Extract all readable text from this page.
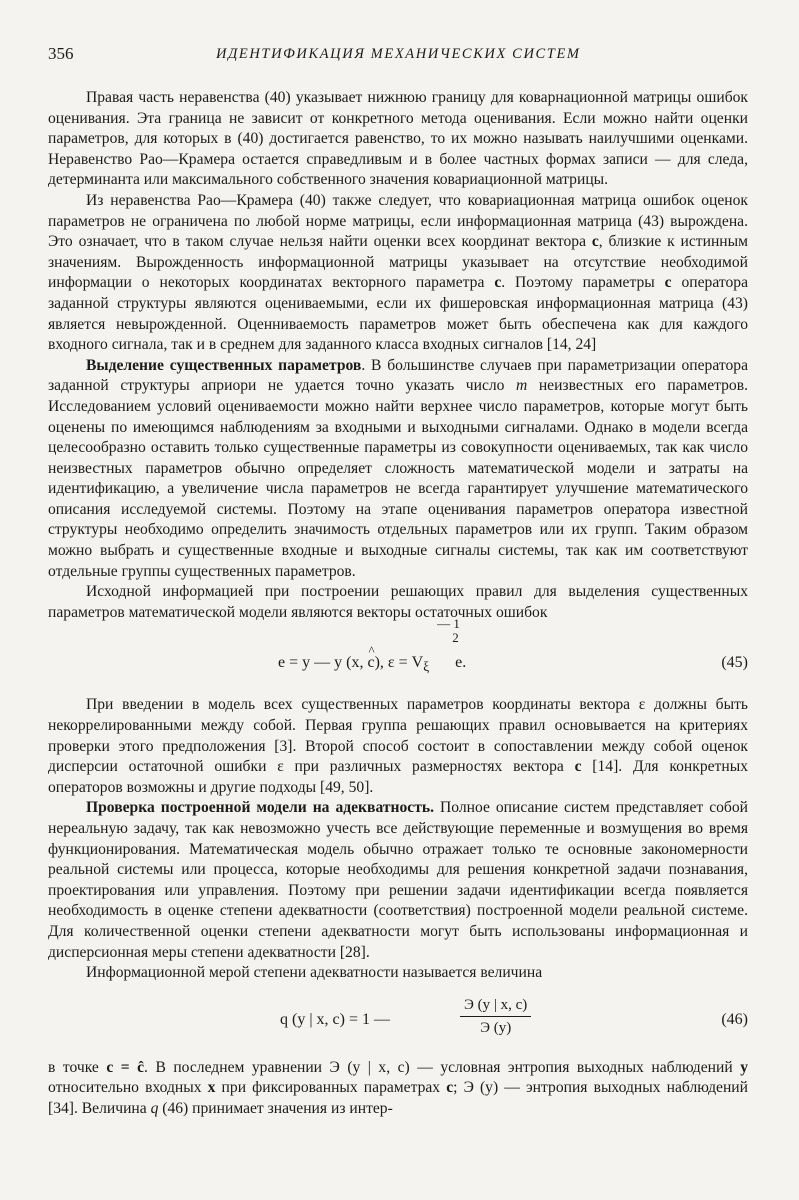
356	ИДЕНТИФИКАЦИЯ МЕХАНИЧЕСКИХ СИСТЕМ

Правая часть неравенства (40) указывает нижнюю границу для коварнационной матрицы ошибок оценивания. Эта граница не зависит от конкретного метода оценивания. Если можно найти оценки параметров, для которых в (40) достигается равенство, то их можно называть наилучшими оценками. Неравенство Рао—Крамера остается справедливым и в более частных формах записи — для следа, детерминанта или максимального собственного значения ковариационной матрицы.

Из неравенства Рао—Крамера (40) также следует, что ковариационная матрица ошибок оценок параметров не ограничена по любой норме матрицы, если информационная матрица (43) вырождена. Это означает, что в таком случае нельзя найти оценки всех координат вектора c, близкие к истинным значениям. Вырожденность информационной матрицы указывает на отсутствие необходимой информации о некоторых координатах векторного параметра c. Поэтому параметры c оператора заданной структуры являются оцениваемыми, если их фишеровская информационная матрица (43) является невырожденной. Оценниваемость параметров может быть обеспечена как для каждого входного сигнала, так и в среднем для заданного класса входных сигналов [14, 24]

Выделение существенных параметров. В большинстве случаев при параметризации оператора заданной структуры априори не удается точно указать число m неизвестных его параметров. Исследованием условий оцениваемости можно найти верхнее число параметров, которые могут быть оценены по имеющимся наблюдениям за входными и выходными сигналами. Однако в модели всегда целесообразно оставить только существенные параметры из совокупности оцениваемых, так как число неизвестных параметров обычно определяет сложность математической модели и затраты на идентификацию, а увеличение числа параметров не всегда гарантирует улучшение математического описания исследуемой системы. Поэтому на этапе оценивания параметров оператора известной структуры необходимо определить значимость отдельных параметров или их групп. Таким образом можно выбрать и существенные входные и выходные сигналы системы, так как им соответствуют отдельные группы существенных параметров.

Исходной информацией при построении решающих правил для выделения существенных параметров математической модели являются векторы остаточных ошибок

e = y — y (x, ^ c), $\varepsilon = V_\xi$
— 1
2
e.	(45)

При введении в модель всех существенных параметров координаты вектора ε должны быть некоррелированными между собой. Первая группа решающих правил основывается на критериях проверки этого предположения [3]. Второй способ состоит в сопоставлении между собой оценок дисперсии остаточной ошибки ε при различных размерностях вектора c [14]. Для конкретных операторов возможны и другие подходы [49, 50].

Проверка построенной модели на адекватность. Полное описание систем представляет собой нереальную задачу, так как невозможно учесть все действующие переменные и возмущения во время функционирования. Математическая модель обычно отражает только те основные закономерности реальной системы или процесса, которые необходимы для решения конкретной задачи познавания, проектирования или управления. Поэтому при решении задачи идентификации всегда появляется необходимость в оценке степени адекватности (соответствия) построенной модели реальной системе. Для количественной оценки степени адекватности могут быть использованы информационная и дисперсионная меры степени адекватности [28].

Информационной мерой степени адекватности называется величина

q (y | x, c) = 1 —
Э (y | x, c)
Э (y)
(46)

в точке c = ĉ. В последнем уравнении Э (y | x, c) — условная энтропия выходных наблюдений y относительно входных x при фиксированных параметрах c; Э (y) — энтропия выходных наблюдений [34]. Величина q (46) принимает значения из интер-
